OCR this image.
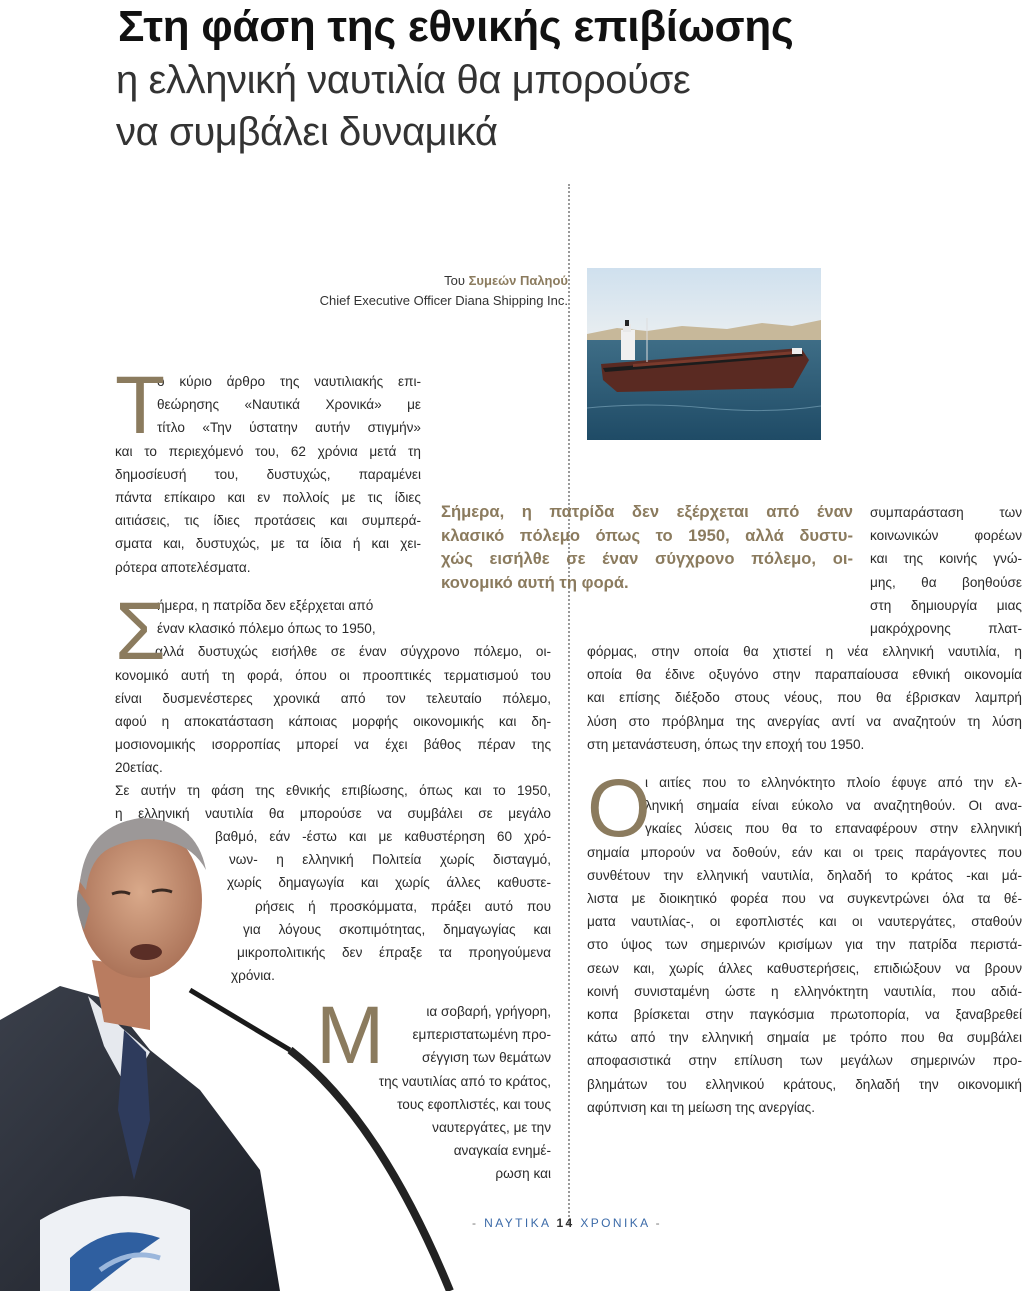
Στη φάση της εθνικής επιβίωσης
η ελληνική ναυτιλία θα μπορούσε
να συμβάλει δυναμικά
Του Συμεών Παληού
Chief Executive Officer Diana Shipping Inc.
Τ
ο κύριο άρθρο της ναυτιλιακής επι-
θεώρησης «Ναυτικά Χρονικά» με
τίτλο «Την ύστατην αυτήν στιγμήν»
και το περιεχόμενό του, 62 χρόνια μετά τη
δημοσίευσή του, δυστυχώς, παραμένει
πάντα επίκαιρο και εν πολλοίς με τις ίδιες
αιτιάσεις, τις ίδιες προτάσεις και συμπερά-
σματα και, δυστυχώς, με τα ίδια ή και χει-
ρότερα αποτελέσματα.
Σ
ήμερα, η πατρίδα δεν εξέρχεται από
έναν κλασικό πόλεμο όπως το 1950,
αλλά δυστυχώς εισήλθε σε έναν σύγχρονο πόλεμο, οι-
κονομικό αυτή τη φορά, όπου οι προοπτικές τερματισμού του
είναι δυσμενέστερες χρονικά από τον τελευταίο πόλεμο,
αφού η αποκατάσταση κάποιας μορφής οικονομικής και δη-
μοσιονομικής ισορροπίας μπορεί να έχει βάθος πέραν της
20ετίας.
Σε αυτήν τη φάση της εθνικής επιβίωσης, όπως και το 1950,
η ελληνική ναυτιλία θα μπορούσε να συμβάλει σε μεγάλο
βαθμό, εάν -έστω και με καθυστέρηση 60 χρό-
νων- η ελληνική Πολιτεία χωρίς δισταγμό,
χωρίς δημαγωγία και χωρίς άλλες καθυστε-
ρήσεις ή προσκόμματα, πράξει αυτό που
για λόγους σκοπιμότητας, δημαγωγίας και
μικροπολιτικής δεν έπραξε τα προηγούμενα
χρόνια.
Μ	ια σοβαρή, γρήγορη,
εμπεριστατωμένη προ-
σέγγιση των θεμάτων
της ναυτιλίας από το κράτος,
τους εφοπλιστές, και τους
ναυτεργάτες, με την
αναγκαία ενημέ-
ρωση και
Σήμερα, η πατρίδα δεν εξέρχεται από έναν
κλασικό πόλεμο όπως το 1950, αλλά δυστυ-
χώς εισήλθε σε έναν σύγχρονο πόλεμο, οι-
κονομικό αυτή τη φορά.
συμπαράσταση των
κοινωνικών φορέων
και της κοινής γνώ-
μης, θα βοηθούσε
στη δημιουργία μιας
μακρόχρονης πλατ-
φόρμας, στην οποία θα χτιστεί η νέα ελληνική ναυτιλία, η
οποία θα έδινε οξυγόνο στην παραπαίουσα εθνική οικονομία
και επίσης διέξοδο στους νέους, που θα έβρισκαν λαμπρή
λύση στο πρόβλημα της ανεργίας αντί να αναζητούν τη λύση
στη μετανάστευση, όπως την εποχή του 1950.
Ο
ι αιτίες που το ελληνόκτητο πλοίο έφυγε από την ελ-
ληνική σημαία είναι εύκολο να αναζητηθούν. Οι ανα-
γκαίες λύσεις που θα το επαναφέρουν στην ελληνική
σημαία μπορούν να δοθούν, εάν και οι τρεις παράγοντες που
συνθέτουν την ελληνική ναυτιλία, δηλαδή το κράτος -και μά-
λιστα με διοικητικό φορέα που να συγκεντρώνει όλα τα θέ-
ματα ναυτιλίας-, οι εφοπλιστές και οι ναυτεργάτες, σταθούν
στο ύψος των σημερινών κρισίμων για την πατρίδα περιστά-
σεων και, χωρίς άλλες καθυστερήσεις, επιδιώξουν να βρουν
κοινή συνισταμένη ώστε η ελληνόκτητη ναυτιλία, που αδιά-
κοπα βρίσκεται στην παγκόσμια πρωτοπορία, να ξαναβρεθεί
κάτω από την ελληνική σημαία με τρόπο που θα συμβάλει
αποφασιστικά στην επίλυση των μεγάλων σημερινών προ-
βλημάτων του ελληνικού κράτους, δηλαδή την οικονομική
αφύπνιση και τη μείωση της ανεργίας.
- ΝΑΥΤΙΚΑ 14 ΧΡΟΝΙΚΑ -
